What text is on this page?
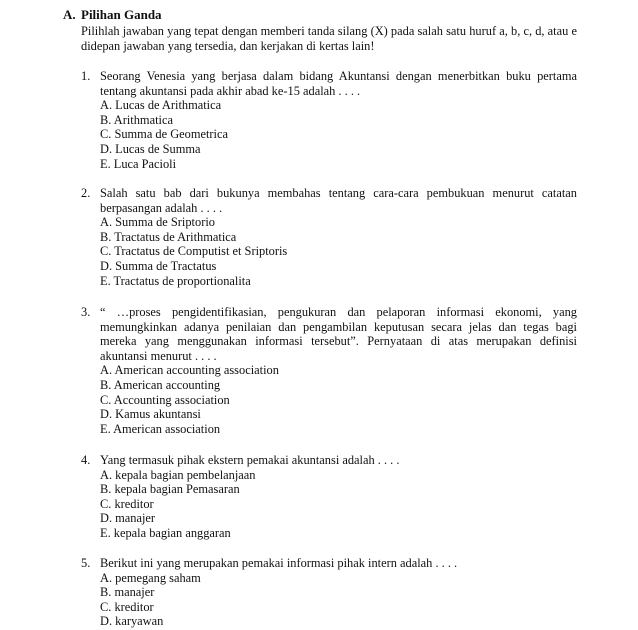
A. Pilihan Ganda
Pilihlah jawaban yang tepat dengan memberi tanda silang (X) pada salah satu huruf a, b, c, d, atau e didepan jawaban yang tersedia, dan kerjakan di kertas lain!
1. Seorang Venesia yang berjasa dalam bidang Akuntansi dengan menerbitkan buku pertama tentang akuntansi pada akhir abad ke-15 adalah . . . .
A. Lucas de Arithmatica
B. Arithmatica
C. Summa de Geometrica
D. Lucas de Summa
E. Luca Pacioli
2. Salah satu bab dari bukunya membahas tentang cara-cara pembukuan menurut catatan berpasangan adalah . . . .
A. Summa de Sriptorio
B. Tractatus de Arithmatica
C. Tractatus de Computist et Sriptoris
D. Summa de Tractatus
E. Tractatus de proportionalita
3. “ …proses pengidentifikasian, pengukuran dan pelaporan informasi ekonomi, yang memungkinkan adanya penilaian dan pengambilan keputusan secara jelas dan tegas bagi mereka yang menggunakan informasi tersebut”. Pernyataan di atas merupakan definisi akuntansi menurut . . . .
A. American accounting association
B. American accounting
C. Accounting association
D. Kamus akuntansi
E. American association
4. Yang termasuk pihak ekstern pemakai akuntansi adalah . . . .
A. kepala bagian pembelanjaan
B. kepala bagian Pemasaran
C. kreditor
D. manajer
E. kepala bagian anggaran
5. Berikut ini yang merupakan pemakai informasi pihak intern adalah . . . .
A. pemegang saham
B. manajer
C. kreditor
D. karyawan
